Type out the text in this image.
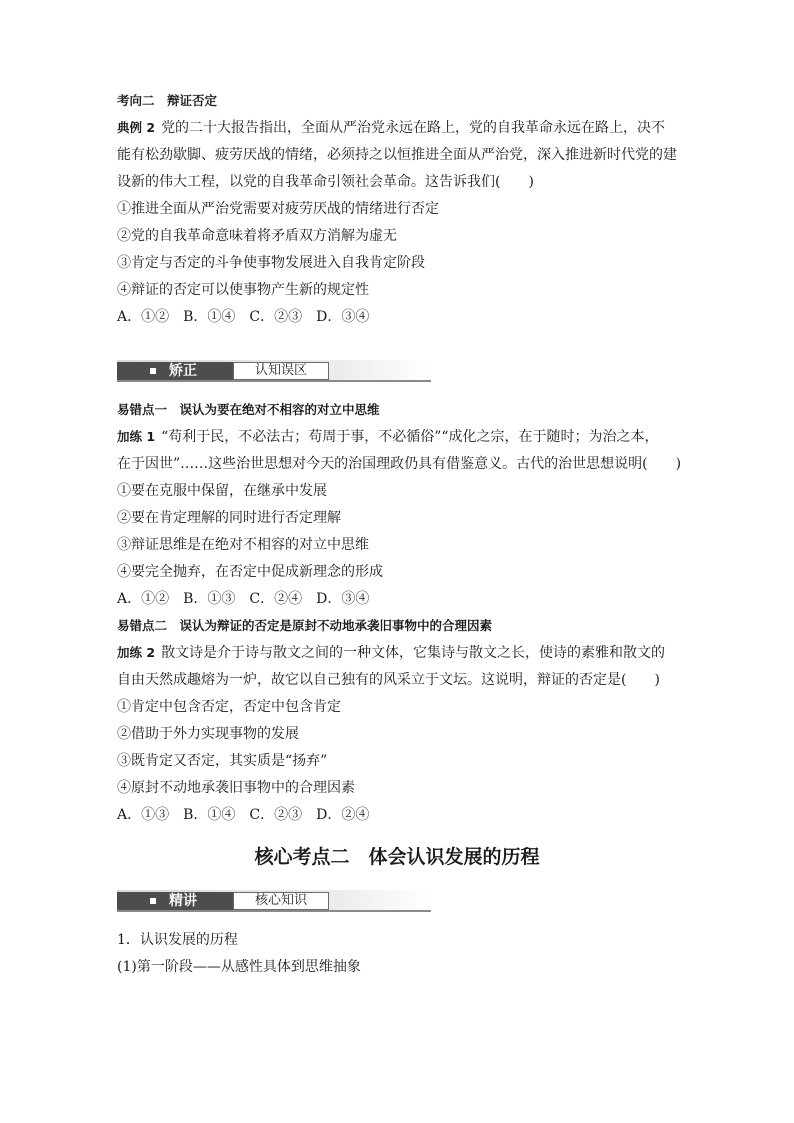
考向二　辩证否定
典例 2 党的二十大报告指出，全面从严治党永远在路上，党的自我革命永远在路上，决不
能有松劲歇脚、疲劳厌战的情绪，必须持之以恒推进全面从严治党，深入推进新时代党的建
设新的伟大工程，以党的自我革命引领社会革命。这告诉我们(　　)
①推进全面从严治党需要对疲劳厌战的情绪进行否定
②党的自我革命意味着将矛盾双方消解为虚无
③肯定与否定的斗争使事物发展进入自我肯定阶段
④辩证的否定可以使事物产生新的规定性
A．①②　B．①④　C．②③　D．③④
矫正	认知误区
易错点一　误认为要在绝对不相容的对立中思维
加练 1 “苟利于民，不必法古；苟周于事，不必循俗”“成化之宗，在于随时；为治之本，
在于因世”……这些治世思想对今天的治国理政仍具有借鉴意义。古代的治世思想说明(　　)
①要在克服中保留，在继承中发展
②要在肯定理解的同时进行否定理解
③辩证思维是在绝对不相容的对立中思维
④要完全抛弃，在否定中促成新理念的形成
A．①②　B．①③　C．②④　D．③④
易错点二　误认为辩证的否定是原封不动地承袭旧事物中的合理因素
加练 2 散文诗是介于诗与散文之间的一种文体，它集诗与散文之长，使诗的素雅和散文的
自由天然成趣熔为一炉，故它以自己独有的风采立于文坛。这说明，辩证的否定是(　　)
①肯定中包含否定，否定中包含肯定
②借助于外力实现事物的发展
③既肯定又否定，其实质是“扬弃”
④原封不动地承袭旧事物中的合理因素
A．①③　B．①④　C．②③　D．②④
核心考点二　体会认识发展的历程
精讲	核心知识
1．认识发展的历程
(1)第一阶段——从感性具体到思维抽象
